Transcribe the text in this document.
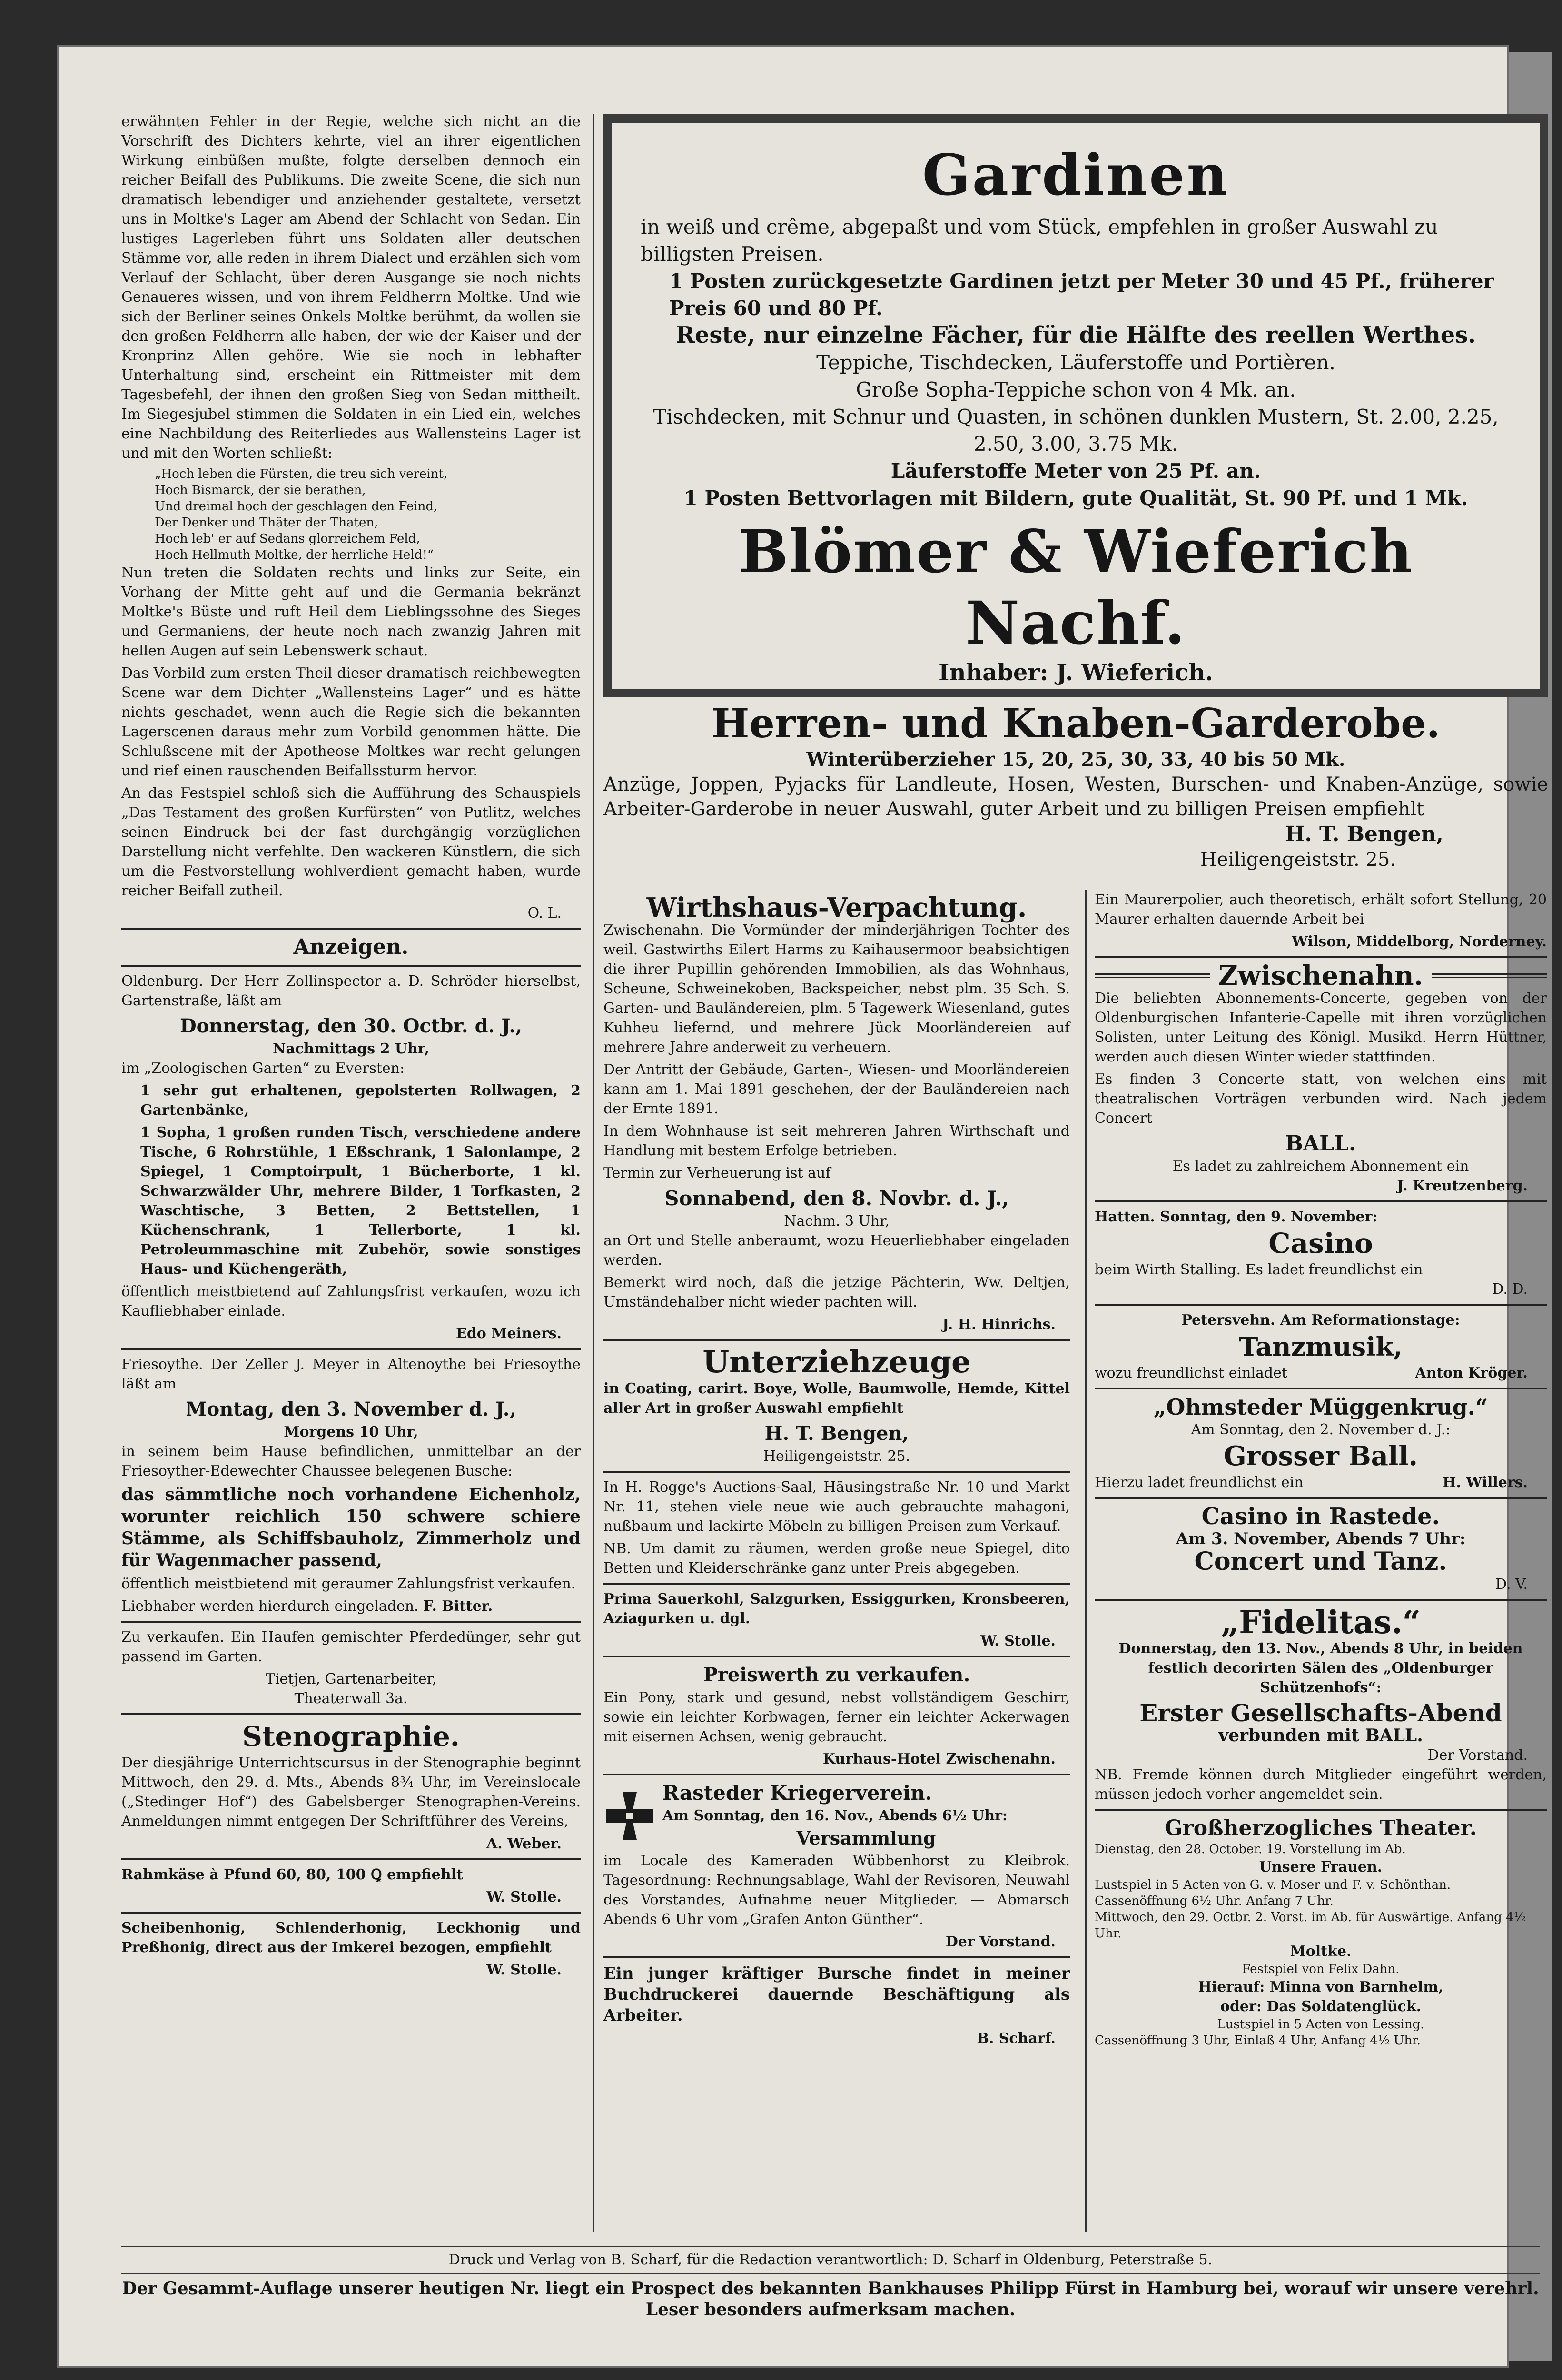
erwähnten Fehler in der Regie, welche sich nicht an die Vorschrift des Dichters kehrte, viel an ihrer eigentlichen Wirkung einbüßen mußte, folgte derselben dennoch ein reicher Beifall des Publikums. Die zweite Scene, die sich nun dramatisch lebendiger und anziehender gestaltete, versetzt uns in Moltke's Lager am Abend der Schlacht von Sedan. Ein lustiges Lagerleben führt uns Soldaten aller deutschen Stämme vor, alle reden in ihrem Dialect und erzählen sich vom Verlauf der Schlacht, über deren Ausgange sie noch nichts Genaueres wissen, und von ihrem Feldherrn Moltke. Und wie sich der Berliner seines Onkels Moltke berühmt, da wollen sie den großen Feldherrn alle haben, der wie der Kaiser und der Kronprinz Allen gehöre. Wie sie noch in lebhafter Unterhaltung sind, erscheint ein Rittmeister mit dem Tagesbefehl, der ihnen den großen Sieg von Sedan mittheilt. Im Siegesjubel stimmen die Soldaten in ein Lied ein, welches eine Nachbildung des Reiterliedes aus Wallensteins Lager ist und mit den Worten schließt:

„Hoch leben die Fürsten, die treu sich vereint,
Hoch Bismarck, der sie berathen,
Und dreimal hoch der geschlagen den Feind,
Der Denker und Thäter der Thaten,
Hoch leb' er auf Sedans glorreichem Feld,
Hoch Hellmuth Moltke, der herrliche Held!“

Nun treten die Soldaten rechts und links zur Seite, ein Vorhang der Mitte geht auf und die Germania bekränzt Moltke's Büste und ruft Heil dem Lieblingssohne des Sieges und Germaniens, der heute noch nach zwanzig Jahren mit hellen Augen auf sein Lebenswerk schaut.

Das Vorbild zum ersten Theil dieser dramatisch reichbewegten Scene war dem Dichter „Wallensteins Lager“ und es hätte nichts geschadet, wenn auch die Regie sich die bekannten Lagerscenen daraus mehr zum Vorbild genommen hätte. Die Schlußscene mit der Apotheose Moltkes war recht gelungen und rief einen rauschenden Beifallssturm hervor.

An das Festspiel schloß sich die Aufführung des Schauspiels „Das Testament des großen Kurfürsten“ von Putlitz, welches seinen Eindruck bei der fast durchgängig vorzüglichen Darstellung nicht verfehlte. Den wackeren Künstlern, die sich um die Festvorstellung wohlverdient gemacht haben, wurde reicher Beifall zutheil.

O. L.
Anzeigen.

Oldenburg. Der Herr Zollinspector a. D. Schröder hierselbst, Gartenstraße, läßt am

Donnerstag, den 30. Octbr. d. J.,
Nachmittags 2 Uhr,

im „Zoologischen Garten“ zu Eversten:

1 sehr gut erhaltenen, gepolsterten Rollwagen, 2 Gartenbänke,

1 Sopha, 1 großen runden Tisch, verschiedene andere Tische, 6 Rohrstühle, 1 Eßschrank, 1 Salonlampe, 2 Spiegel, 1 Comptoirpult, 1 Bücherborte, 1 kl. Schwarzwälder Uhr, mehrere Bilder, 1 Torfkasten, 2 Waschtische, 3 Betten, 2 Bettstellen, 1 Küchenschrank, 1 Tellerborte, 1 kl. Petroleummaschine mit Zubehör, sowie sonstiges Haus- und Küchengeräth,

öffentlich meistbietend auf Zahlungsfrist verkaufen, wozu ich Kaufliebhaber einlade.

Edo Meiners.

Friesoythe. Der Zeller J. Meyer in Altenoythe bei Friesoythe läßt am

Montag, den 3. November d. J.,
Morgens 10 Uhr,

in seinem beim Hause befindlichen, unmittelbar an der Friesoyther-Edewechter Chaussee belegenen Busche:

das sämmtliche noch vorhandene Eichenholz, worunter reichlich 150 schwere schiere Stämme, als Schiffsbauholz, Zimmerholz und für Wagenmacher passend,

öffentlich meistbietend mit geraumer Zahlungsfrist verkaufen.

Liebhaber werden hierdurch eingeladen. F. Bitter.

Zu verkaufen. Ein Haufen gemischter Pferdedünger, sehr gut passend im Garten.

Tietjen, Gartenarbeiter,
Theaterwall 3a.
Stenographie.

Der diesjährige Unterrichtscursus in der Stenographie beginnt Mittwoch, den 29. d. Mts., Abends 8¾ Uhr, im Vereinslocale („Stedinger Hof“) des Gabelsberger Stenographen-Vereins. Anmeldungen nimmt entgegen Der Schriftführer des Vereins,

A. Weber.

Rahmkäse à Pfund 60, 80, 100 Ꝗ empfiehlt

W. Stolle.

Scheibenhonig, Schlenderhonig, Leckhonig und Preßhonig, direct aus der Imkerei bezogen, empfiehlt

W. Stolle.
Gardinen
in weiß und crême, abgepaßt und vom Stück, empfehlen in großer Auswahl zu billigsten Preisen.
1 Posten zurückgesetzte Gardinen jetzt per Meter 30 und 45 Pf., früherer Preis 60 und 80 Pf.
Reste, nur einzelne Fächer, für die Hälfte des reellen Werthes.
Teppiche, Tischdecken, Läuferstoffe und Portièren.
Große Sopha-Teppiche schon von 4 Mk. an.
Tischdecken, mit Schnur und Quasten, in schönen dunklen Mustern, St. 2.00, 2.25, 2.50, 3.00, 3.75 Mk.
Läuferstoffe Meter von 25 Pf. an.
1 Posten Bettvorlagen mit Bildern, gute Qualität, St. 90 Pf. und 1 Mk.
Blömer & Wieferich Nachf.
Inhaber: J. Wieferich.
Herren- und Knaben-Garderobe.
Winterüberzieher 15, 20, 25, 30, 33, 40 bis 50 Mk.
Anzüge, Joppen, Pyjacks für Landleute, Hosen, Westen, Burschen- und Knaben-Anzüge, sowie Arbeiter-Garderobe in neuer Auswahl, guter Arbeit und zu billigen Preisen empfiehlt
H. T. Bengen,
Heiligengeiststr. 25.
Wirthshaus-Verpachtung.

Zwischenahn. Die Vormünder der minderjährigen Tochter des weil. Gastwirths Eilert Harms zu Kaihausermoor beabsichtigen die ihrer Pupillin gehörenden Immobilien, als das Wohnhaus, Scheune, Schweinekoben, Backspeicher, nebst plm. 35 Sch. S. Garten- und Bauländereien, plm. 5 Tagewerk Wiesenland, gutes Kuhheu liefernd, und mehrere Jück Moorländereien auf mehrere Jahre anderweit zu verheuern.

Der Antritt der Gebäude, Garten-, Wiesen- und Moorländereien kann am 1. Mai 1891 geschehen, der der Bauländereien nach der Ernte 1891.

In dem Wohnhause ist seit mehreren Jahren Wirthschaft und Handlung mit bestem Erfolge betrieben.

Termin zur Verheuerung ist auf

Sonnabend, den 8. Novbr. d. J.,
Nachm. 3 Uhr,

an Ort und Stelle anberaumt, wozu Heuerliebhaber eingeladen werden.

Bemerkt wird noch, daß die jetzige Pächterin, Ww. Deltjen, Umständehalber nicht wieder pachten will.

J. H. Hinrichs.
Unterziehzeuge

in Coating, carirt. Boye, Wolle, Baumwolle, Hemde, Kittel aller Art in großer Auswahl empfiehlt

H. T. Bengen,
Heiligengeiststr. 25.

In H. Rogge's Auctions-Saal, Häusingstraße Nr. 10 und Markt Nr. 11, stehen viele neue wie auch gebrauchte mahagoni, nußbaum und lackirte Möbeln zu billigen Preisen zum Verkauf.

NB. Um damit zu räumen, werden große neue Spiegel, dito Betten und Kleiderschränke ganz unter Preis abgegeben.

Prima Sauerkohl, Salzgurken, Essiggurken, Kronsbeeren, Aziagurken u. dgl.

W. Stolle.
Preiswerth zu verkaufen.

Ein Pony, stark und gesund, nebst vollständigem Geschirr, sowie ein leichter Korbwagen, ferner ein leichter Ackerwagen mit eisernen Achsen, wenig gebraucht.

Kurhaus-Hotel Zwischenahn.
Rasteder Kriegerverein.
Am Sonntag, den 16. Nov., Abends 6½ Uhr:
Versammlung

im Locale des Kameraden Wübbenhorst zu Kleibrok. Tagesordnung: Rechnungsablage, Wahl der Revisoren, Neuwahl des Vorstandes, Aufnahme neuer Mitglieder. — Abmarsch Abends 6 Uhr vom „Grafen Anton Günther“.

Der Vorstand.

Ein junger kräftiger Bursche findet in meiner Buchdruckerei dauernde Beschäftigung als Arbeiter.

B. Scharf.

Ein Maurerpolier, auch theoretisch, erhält sofort Stellung, 20 Maurer erhalten dauernde Arbeit bei

Wilson, Middelborg, Norderney.
Zwischenahn.

Die beliebten Abonnements-Concerte, gegeben von der Oldenburgischen Infanterie-Capelle mit ihren vorzüglichen Solisten, unter Leitung des Königl. Musikd. Herrn Hüttner, werden auch diesen Winter wieder stattfinden.

Es finden 3 Concerte statt, von welchen eins mit theatralischen Vorträgen verbunden wird. Nach jedem Concert

BALL.
Es ladet zu zahlreichem Abonnement ein
J. Kreutzenberg.
Hatten. Sonntag, den 9. November:
Casino
beim Wirth Stalling. Es ladet freundlichst ein
D. D.
Petersvehn. Am Reformationstage:
Tanzmusik,
wozu freundlichst einladet	Anton Kröger.
„Ohmsteder Müggenkrug.“
Am Sonntag, den 2. November d. J.:
Grosser Ball.
Hierzu ladet freundlichst ein	H. Willers.
Casino in Rastede.
Am 3. November, Abends 7 Uhr:
Concert und Tanz.
D. V.
„Fidelitas.“

Donnerstag, den 13. Nov., Abends 8 Uhr, in beiden festlich decorirten Sälen des „Oldenburger Schützenhofs“:

Erster Gesellschafts-Abend
verbunden mit BALL.
Der Vorstand.

NB. Fremde können durch Mitglieder eingeführt werden, müssen jedoch vorher angemeldet sein.

Großherzogliches Theater.
Dienstag, den 28. October. 19. Vorstellung im Ab.
Unsere Frauen.
Lustspiel in 5 Acten von G. v. Moser und F. v. Schönthan.
Cassenöffnung 6½ Uhr. Anfang 7 Uhr.
Mittwoch, den 29. Octbr. 2. Vorst. im Ab. für Auswärtige. Anfang 4½ Uhr.
Moltke.
Festspiel von Felix Dahn.
Hierauf: Minna von Barnhelm,
oder: Das Soldatenglück.
Lustspiel in 5 Acten von Lessing.
Cassenöffnung 3 Uhr, Einlaß 4 Uhr, Anfang 4½ Uhr.
Druck und Verlag von B. Scharf, für die Redaction verantwortlich: D. Scharf in Oldenburg, Peterstraße 5.
Der Gesammt-Auflage unserer heutigen Nr. liegt ein Prospect des bekannten Bankhauses Philipp Fürst in Hamburg bei, worauf wir unsere verehrl. Leser besonders aufmerksam machen.
